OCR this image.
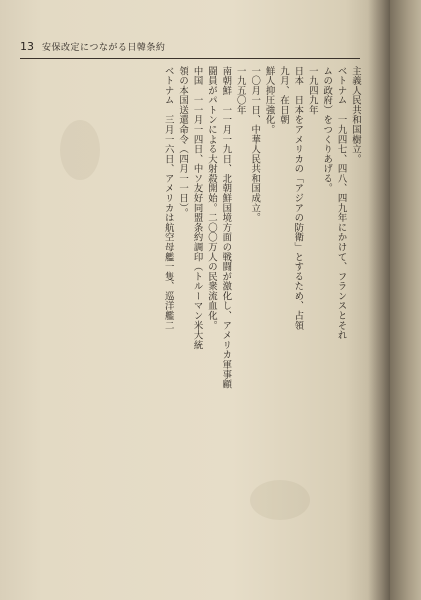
13 安保改定につながる日韓条約

主義人民共和国樹立。

ベトナム　一九四七、四八、四九年にかけて、フランスとそれ

ムの政府）をつくりあげる。

一九四九年

日本　日本をアメリカの「アジアの防衛」とするため、占領

九月、在日朝

鮮人抑圧強化。

一〇月一日、中華人民共和国成立。

一九五〇年

南朝鮮　一一月一九日、北朝鮮国境方面の戦闘が激化し、アメリカ軍事顧

闘員がパトンによる大射殺開始。二〇〇万人の民衆流血化。

中国　一一月一四日、中ソ友好同盟条約調印（トルーマン米大統

領の本国送還命令（四月一一日）。

ベトナム　三月一六日、アメリカは航空母艦一隻、巡洋艦二
